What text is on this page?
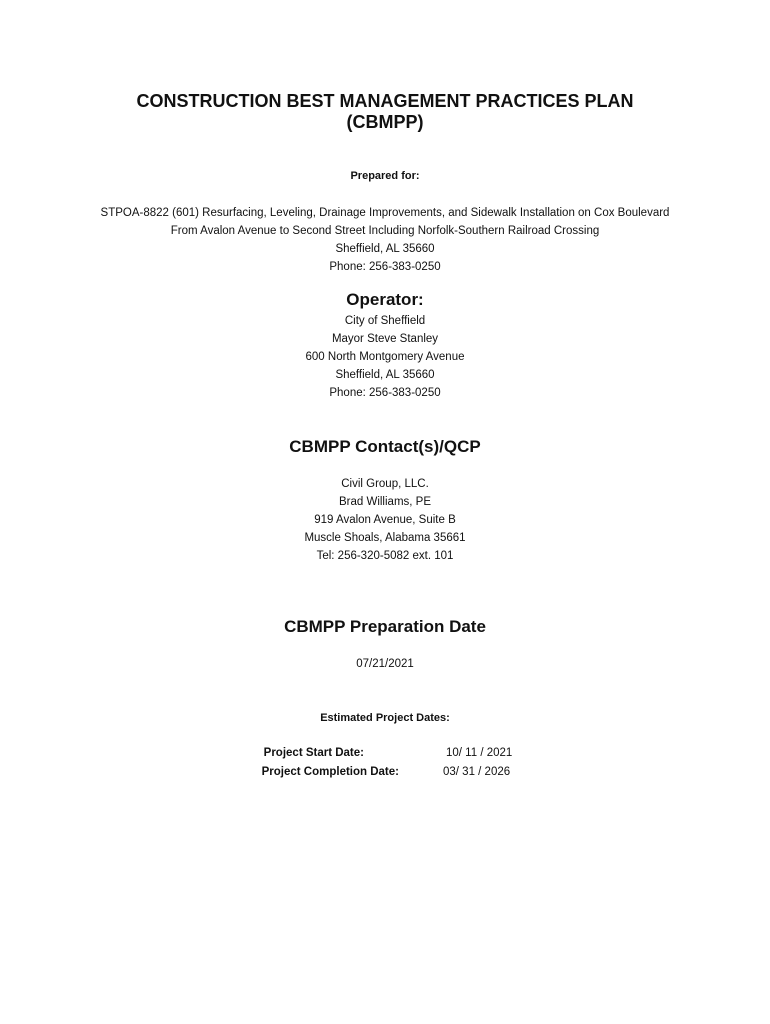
CONSTRUCTION BEST MANAGEMENT PRACTICES PLAN
(CBMPP)
Prepared for:
STPOA-8822 (601) Resurfacing, Leveling, Drainage Improvements, and Sidewalk Installation on Cox Boulevard
From Avalon Avenue to Second Street Including Norfolk-Southern Railroad Crossing
Sheffield, AL 35660
Phone: 256-383-0250
Operator:
City of Sheffield
Mayor Steve Stanley
600 North Montgomery Avenue
Sheffield, AL 35660
Phone: 256-383-0250
CBMPP Contact(s)/QCP
Civil Group, LLC.
Brad Williams, PE
919 Avalon Avenue, Suite B
Muscle Shoals, Alabama 35661
Tel: 256-320-5082 ext. 101
CBMPP Preparation Date
07/21/2021
Estimated Project Dates:
Project Start Date:	10/ 11 / 2021
Project Completion Date:	03/ 31 / 2026
